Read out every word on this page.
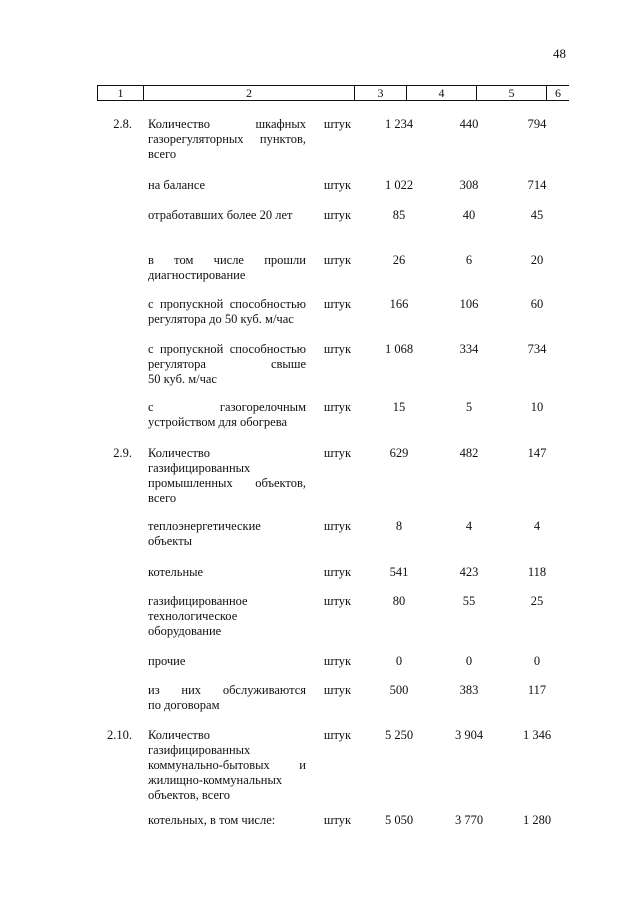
48
1	2	3	4	5	6
2.8. Количество шкафных
газорегуляторных пунктов,
всего
штук	1 234	440	794
на балансе	штук	1 022	308	714
отработавших более 20 лет	штук	85	40	45
в том числе прошли
диагностирование
штук	26	6	20
с пропускной способностью
регулятора до 50 куб. м/час
штук	166	106	60
с пропускной способностью
регулятора свыше
50 куб. м/час
штук	1 068	334	734
с газогорелочным
устройством для обогрева
штук	15	5	10
2.9. Количество
газифицированных
промышленных объектов,
всего
штук	629	482	147
теплоэнергетические
объекты
штук	8	4	4
котельные	штук	541	423	118
газифицированное
технологическое
оборудование
штук	80	55	25
прочие	штук	0	0	0
из них обслуживаются
по договорам
штук	500	383	117
2.10. Количество
газифицированных
коммунально-бытовых и
жилищно-коммунальных
объектов, всего
штук	5 250	3 904	1 346
котельных, в том числе:	штук	5 050	3 770	1 280
